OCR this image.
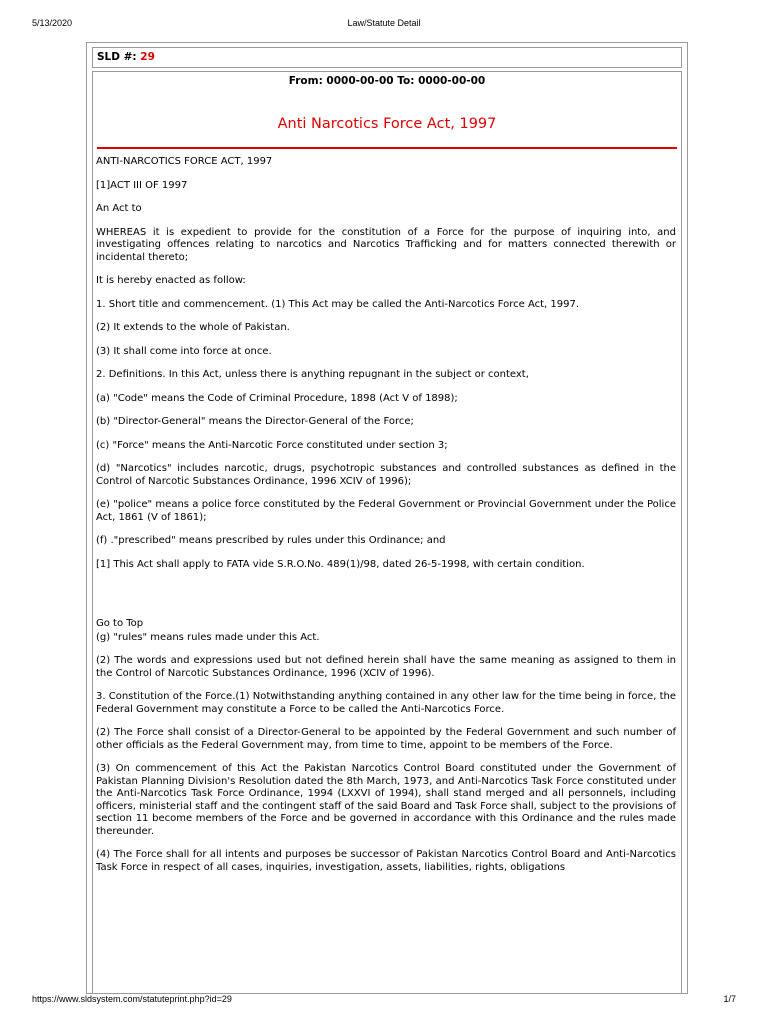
5/13/2020	Law/Statute Detail
SLD #: 29
From: 0000-00-00 To: 0000-00-00
Anti Narcotics Force Act, 1997

ANTI-NARCOTICS FORCE ACT, 1997

[1]ACT III OF 1997

An Act to

WHEREAS it is expedient to provide for the constitution of a Force for the purpose of inquiring into, and investigating offences relating to narcotics and Narcotics Trafficking and for matters connected therewith or incidental thereto;

It is hereby enacted as follow:

1. Short title and commencement. (1) This Act may be called the Anti-Narcotics Force Act, 1997.

(2) It extends to the whole of Pakistan.

(3) It shall come into force at once.

2. Definitions. In this Act, unless there is anything repugnant in the subject or context,

(a) "Code" means the Code of Criminal Procedure, 1898 (Act V of 1898);

(b) "Director-General" means the Director-General of the Force;

(c) "Force" means the Anti-Narcotic Force constituted under section 3;

(d) "Narcotics" includes narcotic, drugs, psychotropic substances and controlled substances as defined in the Control of Narcotic Substances Ordinance, 1996 XCIV of 1996);

(e) "police" means a police force constituted by the Federal Government or Provincial Government under the Police Act, 1861 (V of 1861);

(f) ."prescribed" means prescribed by rules under this Ordinance; and

[1] This Act shall apply to FATA vide S.R.O.No. 489(1)/98, dated 26-5-1998, with certain condition.

Go to Top

(g) "rules" means rules made under this Act.

(2) The words and expressions used but not defined herein shall have the same meaning as assigned to them in the Control of Narcotic Substances Ordinance, 1996 (XCIV of 1996).

3. Constitution of the Force.(1) Notwithstanding anything contained in any other law for the time being in force, the Federal Government may constitute a Force to be called the Anti-Narcotics Force.

(2) The Force shall consist of a Director-General to be appointed by the Federal Government and such number of other officials as the Federal Government may, from time to time, appoint to be members of the Force.

(3) On commencement of this Act the Pakistan Narcotics Control Board constituted under the Government of Pakistan Planning Division's Resolution dated the 8th March, 1973, and Anti-Narcotics Task Force constituted under the Anti-Narcotics Task Force Ordinance, 1994 (LXXVI of 1994), shall stand merged and all personnels, including officers, ministerial staff and the contingent staff of the said Board and Task Force shall, subject to the provisions of section 11 become members of the Force and be governed in accordance with this Ordinance and the rules made thereunder.

(4) The Force shall for all intents and purposes be successor of Pakistan Narcotics Control Board and Anti-Narcotics Task Force in respect of all cases, inquiries, investigation, assets, liabilities, rights, obligations

https://www.sldsystem.com/statuteprint.php?id=29	1/7
